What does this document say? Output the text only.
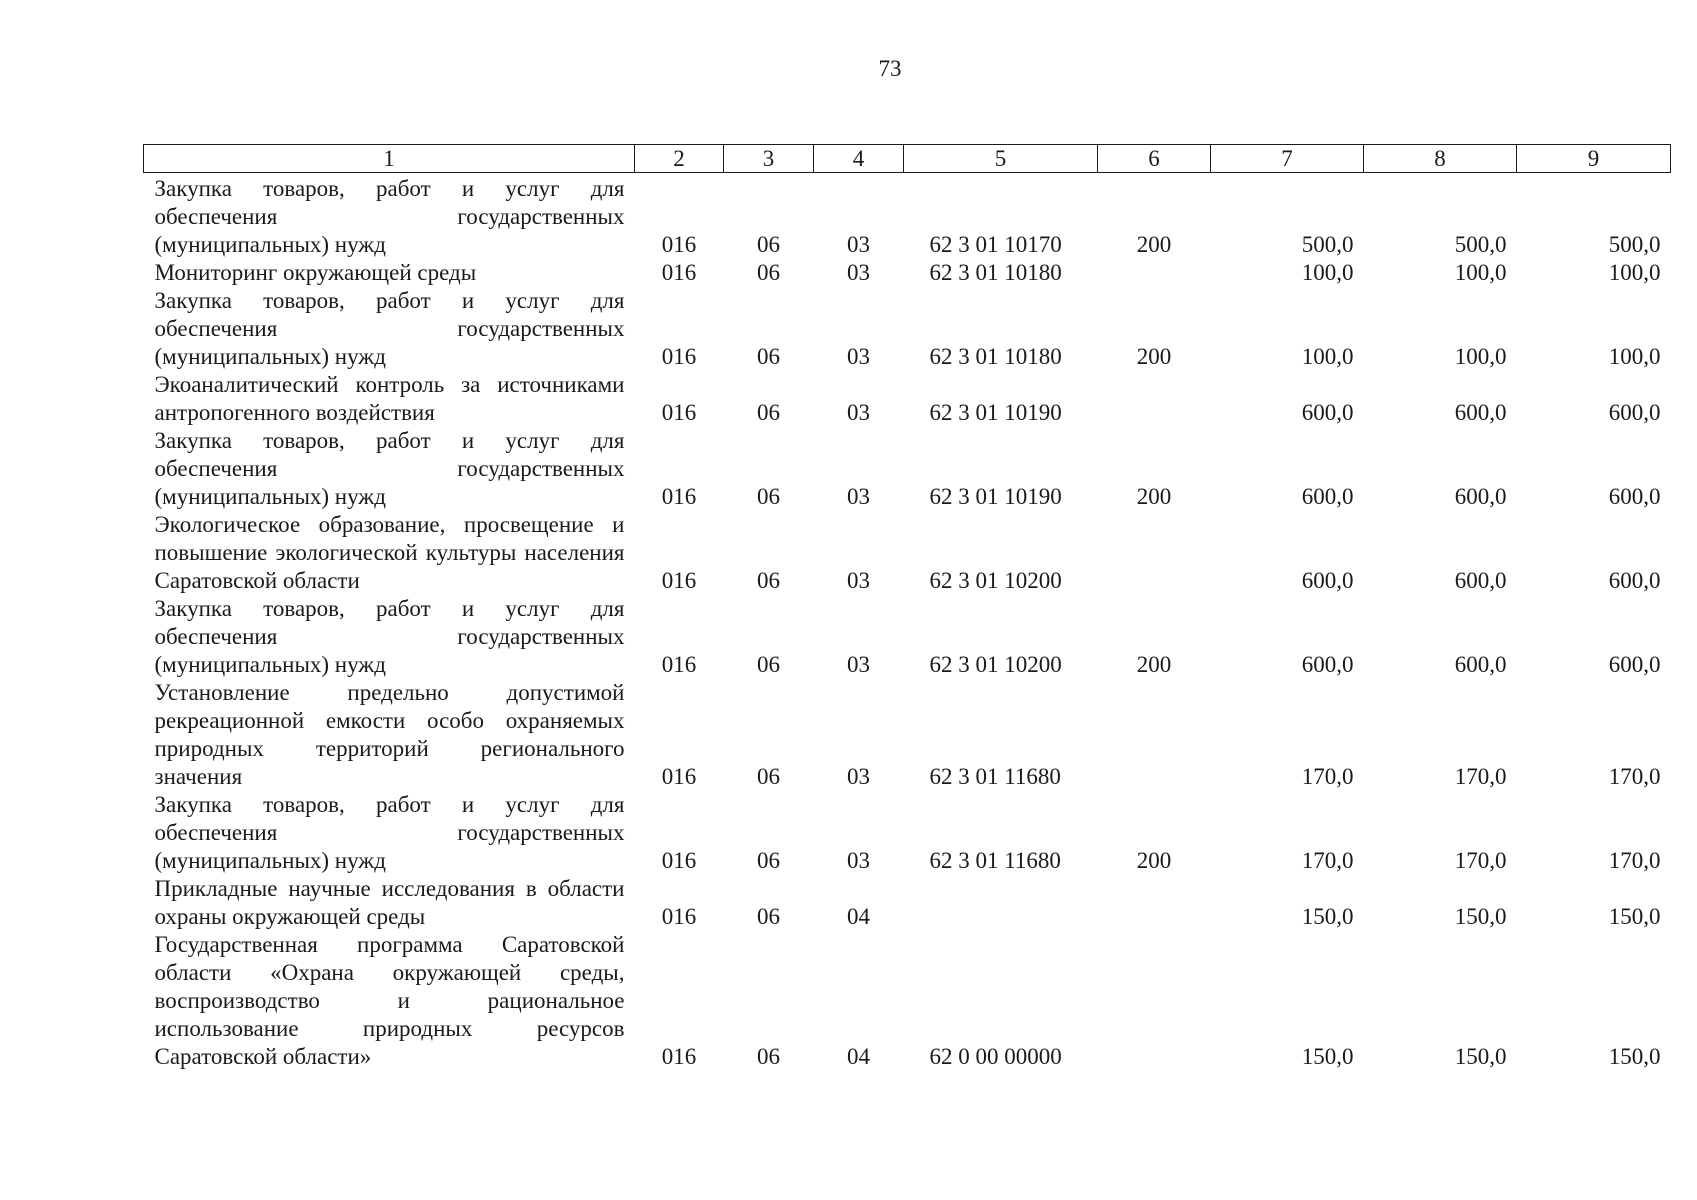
73
1	2	3	4	5	6	7	8	9
Закупка товаров, работ и услуг для обеспечения государственных (муниципальных) нужд	016	06	03	62 3 01 10170	200	500,0	500,0	500,0
Мониторинг окружающей среды	016	06	03	62 3 01 10180		100,0	100,0	100,0
Закупка товаров, работ и услуг для обеспечения государственных (муниципальных) нужд	016	06	03	62 3 01 10180	200	100,0	100,0	100,0
Экоаналитический контроль за источниками антропогенного воздействия	016	06	03	62 3 01 10190		600,0	600,0	600,0
Закупка товаров, работ и услуг для обеспечения государственных (муниципальных) нужд	016	06	03	62 3 01 10190	200	600,0	600,0	600,0
Экологическое образование, просвещение и повышение экологической культуры населения Саратовской области	016	06	03	62 3 01 10200		600,0	600,0	600,0
Закупка товаров, работ и услуг для обеспечения государственных (муниципальных) нужд	016	06	03	62 3 01 10200	200	600,0	600,0	600,0
Установление предельно допустимой рекреационной емкости особо охраняемых природных территорий регионального значения	016	06	03	62 3 01 11680		170,0	170,0	170,0
Закупка товаров, работ и услуг для обеспечения государственных (муниципальных) нужд	016	06	03	62 3 01 11680	200	170,0	170,0	170,0
Прикладные научные исследования в области охраны окружающей среды	016	06	04			150,0	150,0	150,0
Государственная программа Саратовской области «Охрана окружающей среды, воспроизводство и рациональное использование природных ресурсов Саратовской области»	016	06	04	62 0 00 00000		150,0	150,0	150,0
